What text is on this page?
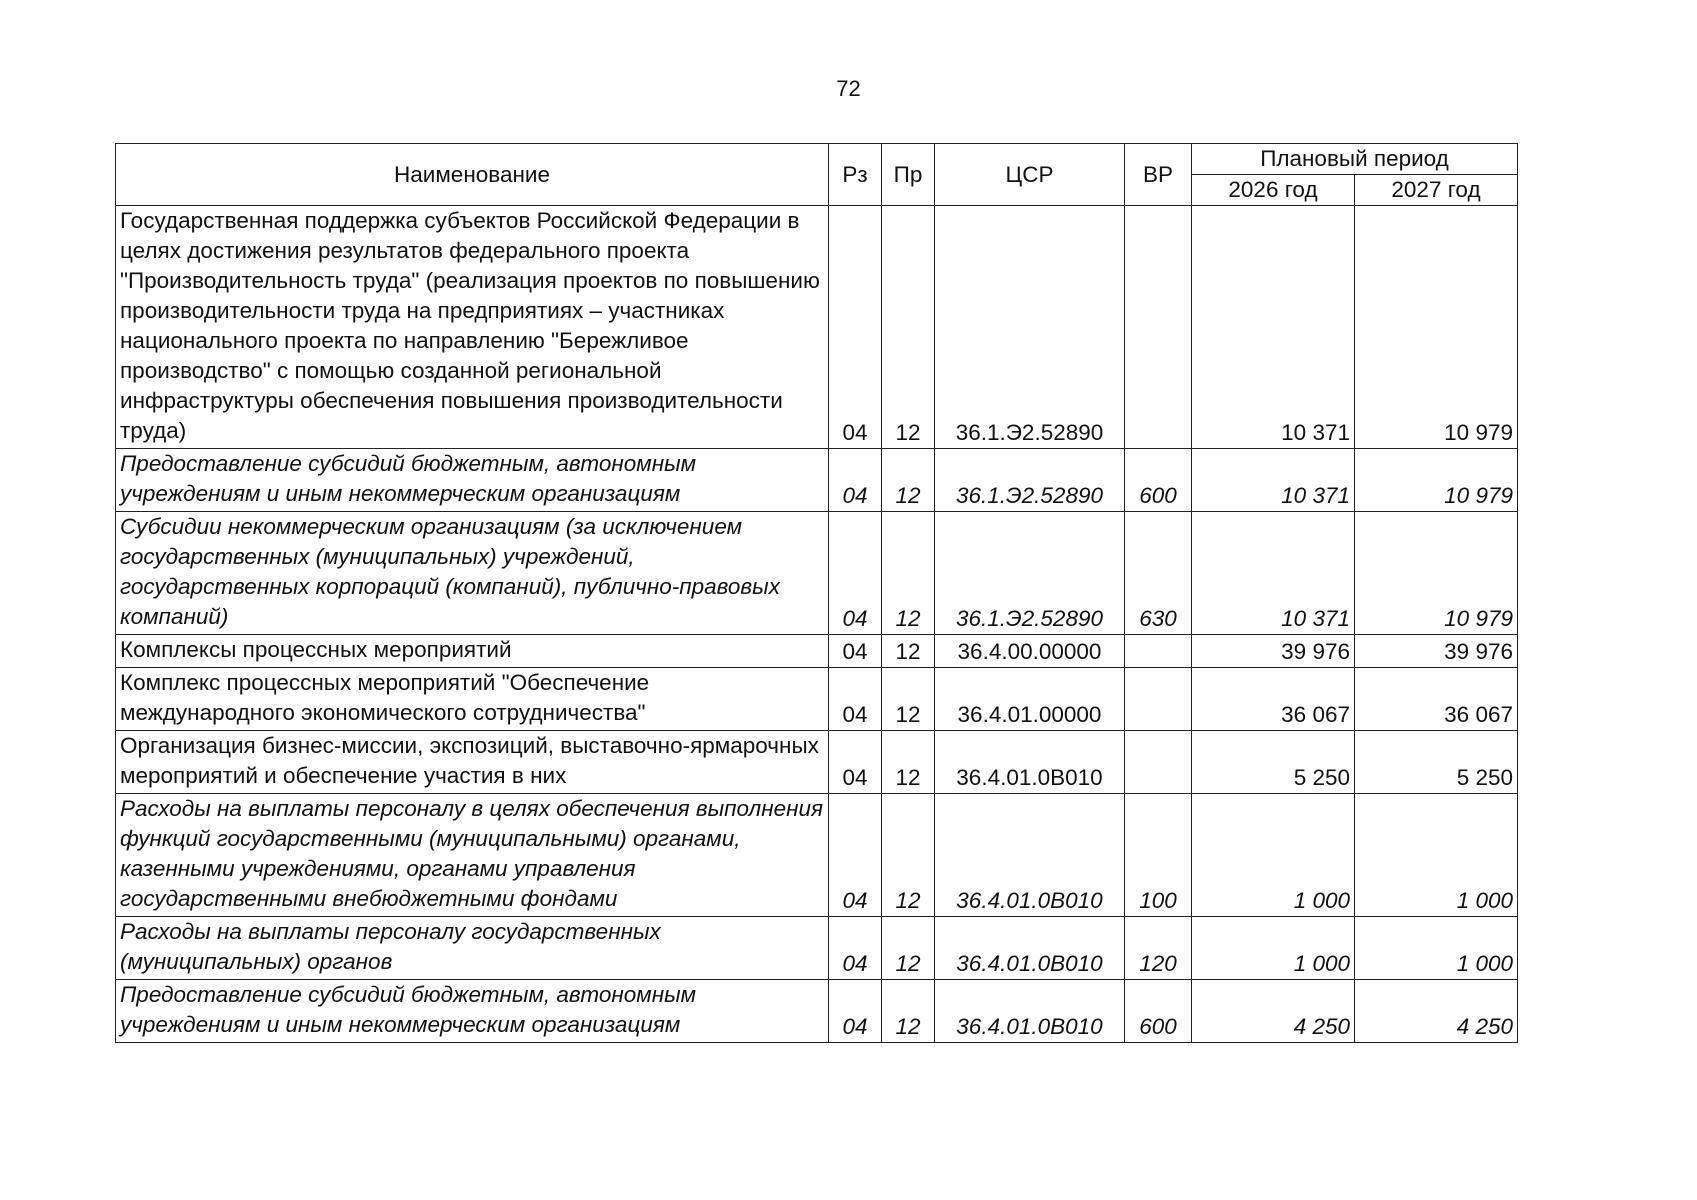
72
Наименование	Рз	Пр	ЦСР	ВР	Плановый период	
					2026 год	2027 год
Государственная поддержка субъектов Российской Федерации в целях достижения результатов федерального проекта "Производительность труда" (реализация проектов по повышению производительности труда на предприятиях – участниках национального проекта по направлению "Бережливое производство" с помощью созданной региональной инфраструктуры обеспечения повышения производительности труда)	04	12	36.1.Э2.52890		10 371	10 979
Предоставление субсидий бюджетным, автономным учреждениям и иным некоммерческим организациям	04	12	36.1.Э2.52890	600	10 371	10 979
Субсидии некоммерческим организациям (за исключением государственных (муниципальных) учреждений, государственных корпораций (компаний), публично-правовых компаний)	04	12	36.1.Э2.52890	630	10 371	10 979
Комплексы процессных мероприятий	04	12	36.4.00.00000		39 976	39 976
Комплекс процессных мероприятий "Обеспечение международного экономического сотрудничества"	04	12	36.4.01.00000		36 067	36 067
Организация бизнес-миссии, экспозиций, выставочно-ярмарочных мероприятий и обеспечение участия в них	04	12	36.4.01.0В010		5 250	5 250
Расходы на выплаты персоналу в целях обеспечения выполнения функций государственными (муниципальными) органами, казенными учреждениями, органами управления государственными внебюджетными фондами	04	12	36.4.01.0В010	100	1 000	1 000
Расходы на выплаты персоналу государственных (муниципальных) органов	04	12	36.4.01.0В010	120	1 000	1 000
Предоставление субсидий бюджетным, автономным учреждениям и иным некоммерческим организациям	04	12	36.4.01.0В010	600	4 250	4 250
